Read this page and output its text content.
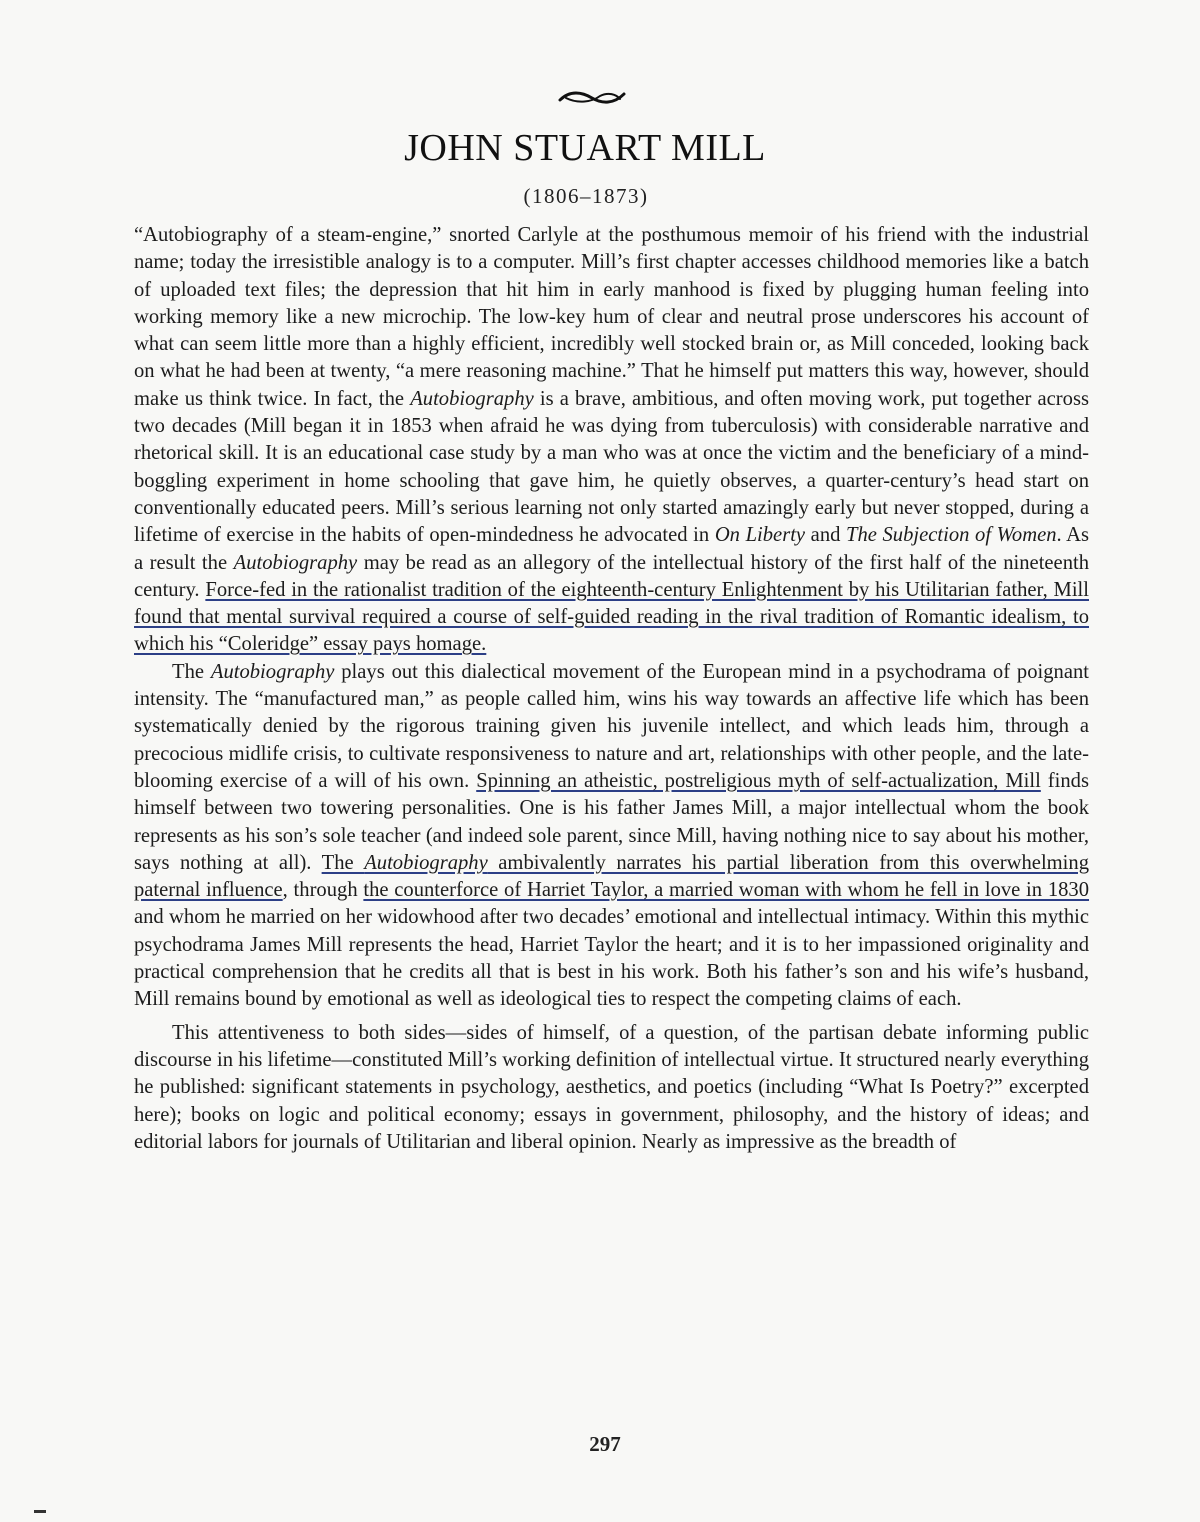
JOHN STUART MILL
(1806–1873)

“Autobiography of a steam-engine,” snorted Carlyle at the posthumous memoir of his friend with the industrial name; today the irresistible analogy is to a computer. Mill’s first chapter accesses childhood memories like a batch of uploaded text files; the depression that hit him in early manhood is fixed by plugging human feeling into working memory like a new microchip. The low-key hum of clear and neutral prose underscores his account of what can seem little more than a highly efficient, incredibly well stocked brain or, as Mill conceded, looking back on what he had been at twenty, “a mere reasoning machine.” That he himself put matters this way, however, should make us think twice. In fact, the Autobiography is a brave, ambitious, and often moving work, put together across two decades (Mill began it in 1853 when afraid he was dying from tuberculosis) with considerable narrative and rhetorical skill. It is an educational case study by a man who was at once the victim and the beneficiary of a mind-boggling experiment in home schooling that gave him, he quietly observes, a quarter-century’s head start on conventionally educated peers. Mill’s serious learning not only started amazingly early but never stopped, during a lifetime of exercise in the habits of open-mindedness he advocated in On Liberty and The Subjection of Women. As a result the Autobiography may be read as an allegory of the intellectual history of the first half of the nineteenth century. Force-fed in the rationalist tradition of the eighteenth-century Enlightenment by his Utilitarian father, Mill found that mental survival required a course of self-guided reading in the rival tradition of Romantic idealism, to which his “Coleridge” essay pays homage.

The Autobiography plays out this dialectical movement of the European mind in a psychodrama of poignant intensity. The “manufactured man,” as people called him, wins his way towards an affective life which has been systematically denied by the rigorous training given his juvenile intellect, and which leads him, through a precocious midlife crisis, to cultivate responsiveness to nature and art, relationships with other people, and the late-blooming exercise of a will of his own. Spinning an atheistic, postreligious myth of self-actualization, Mill finds himself between two towering personalities. One is his father James Mill, a major intellectual whom the book represents as his son’s sole teacher (and indeed sole parent, since Mill, having nothing nice to say about his mother, says nothing at all). The Autobiography ambivalently narrates his partial liberation from this overwhelming paternal influence, through the counterforce of Harriet Taylor, a married woman with whom he fell in love in 1830 and whom he married on her widowhood after two decades’ emotional and intellectual intimacy. Within this mythic psychodrama James Mill represents the head, Harriet Taylor the heart; and it is to her impassioned originality and practical comprehension that he credits all that is best in his work. Both his father’s son and his wife’s husband, Mill remains bound by emotional as well as ideological ties to respect the competing claims of each.

This attentiveness to both sides—sides of himself, of a question, of the partisan debate informing public discourse in his lifetime—constituted Mill’s working definition of intellectual virtue. It structured nearly everything he published: significant statements in psychology, aesthetics, and poetics (including “What Is Poetry?” excerpted here); books on logic and political economy; essays in government, philosophy, and the history of ideas; and editorial labors for journals of Utilitarian and liberal opinion. Nearly as impressive as the breadth of

297
